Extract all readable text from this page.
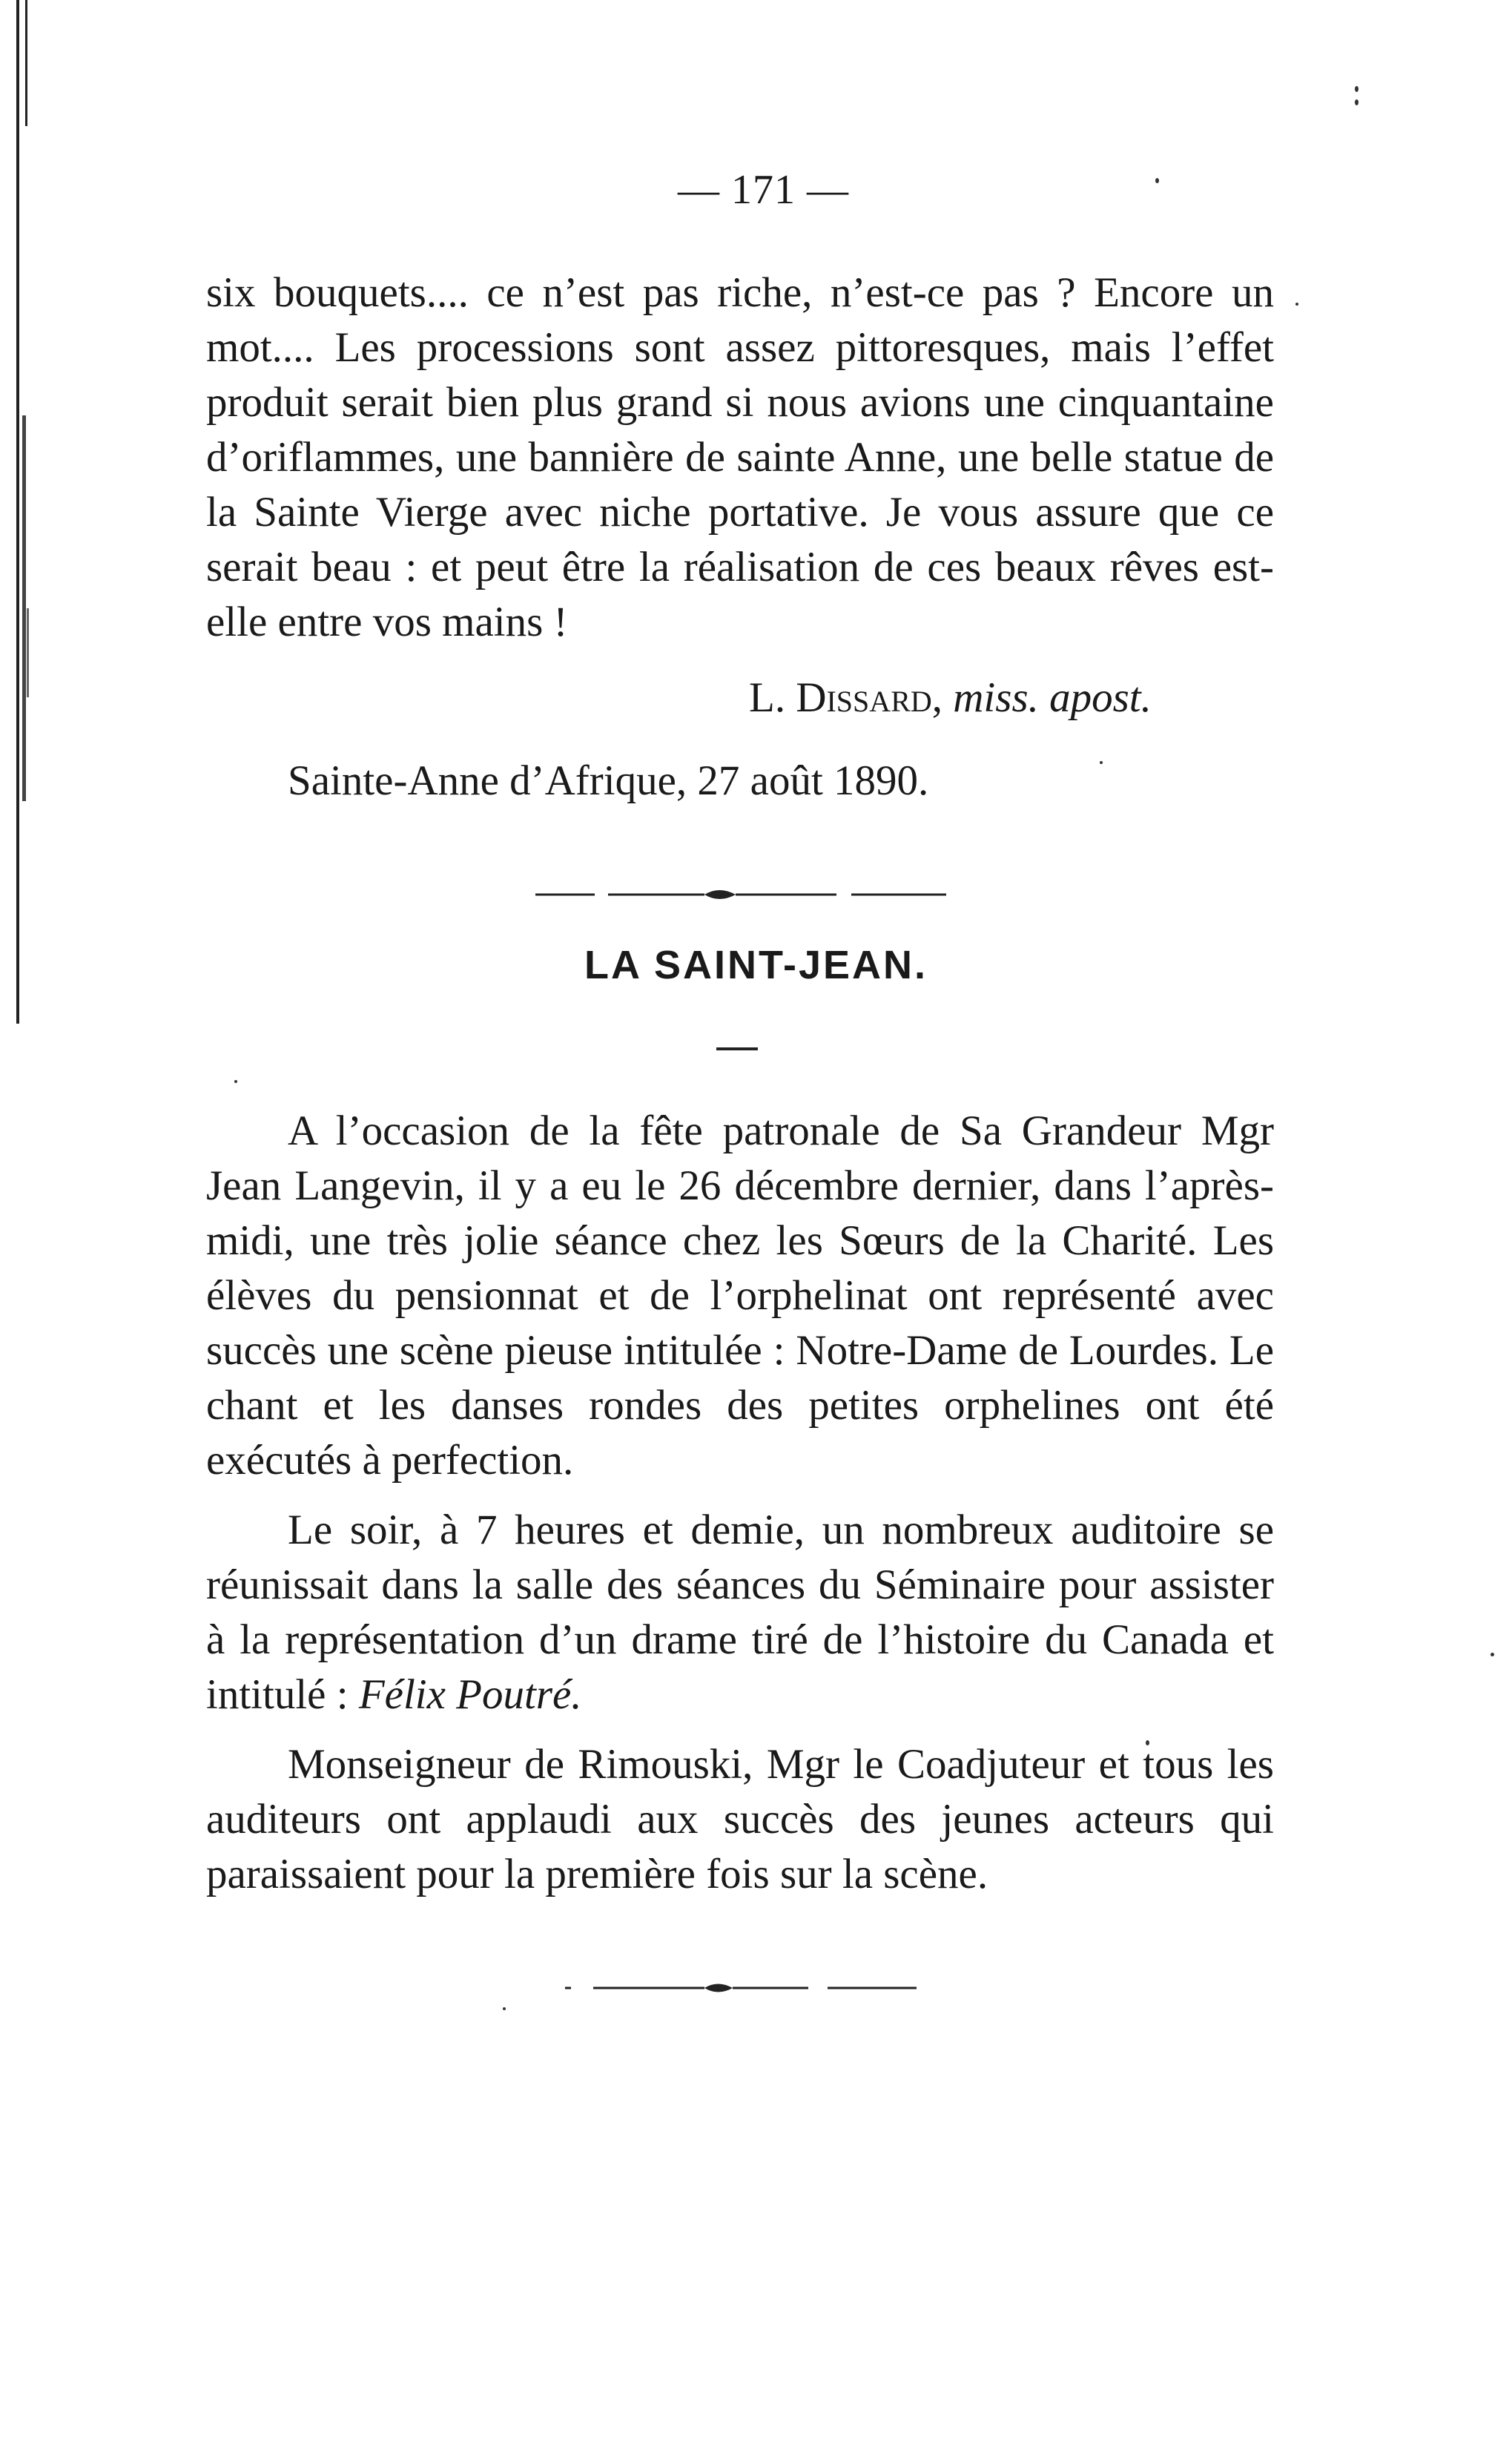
— 171 —

six bouquets.... ce n’est pas riche, n’est-ce pas ? Encore un mot.... Les processions sont assez pittoresques, mais l’effet produit serait bien plus grand si nous avions une cinquantaine d’oriflammes, une bannière de sainte Anne, une belle statue de la Sainte Vierge avec niche portative. Je vous assure que ce serait beau : et peut être la réalisation de ces beaux rêves est-elle entre vos mains !

L. Dissard, miss. apost.
Sainte-Anne d’Afrique, 27 août 1890.
LA SAINT-JEAN.

A l’occasion de la fête patronale de Sa Grandeur Mgr Jean Langevin, il y a eu le 26 décembre dernier, dans l’après-midi, une très jolie séance chez les Sœurs de la Charité. Les élèves du pensionnat et de l’orphelinat ont représenté avec succès une scène pieuse intitulée : Notre-Dame de Lourdes. Le chant et les danses rondes des petites orphelines ont été exécutés à perfection.

Le soir, à 7 heures et demie, un nombreux auditoire se réunissait dans la salle des séances du Séminaire pour assister à la représentation d’un drame tiré de l’histoire du Canada et intitulé : Félix Poutré.

Monseigneur de Rimouski, Mgr le Coadjuteur et tous les auditeurs ont applaudi aux succès des jeunes acteurs qui paraissaient pour la première fois sur la scène.
